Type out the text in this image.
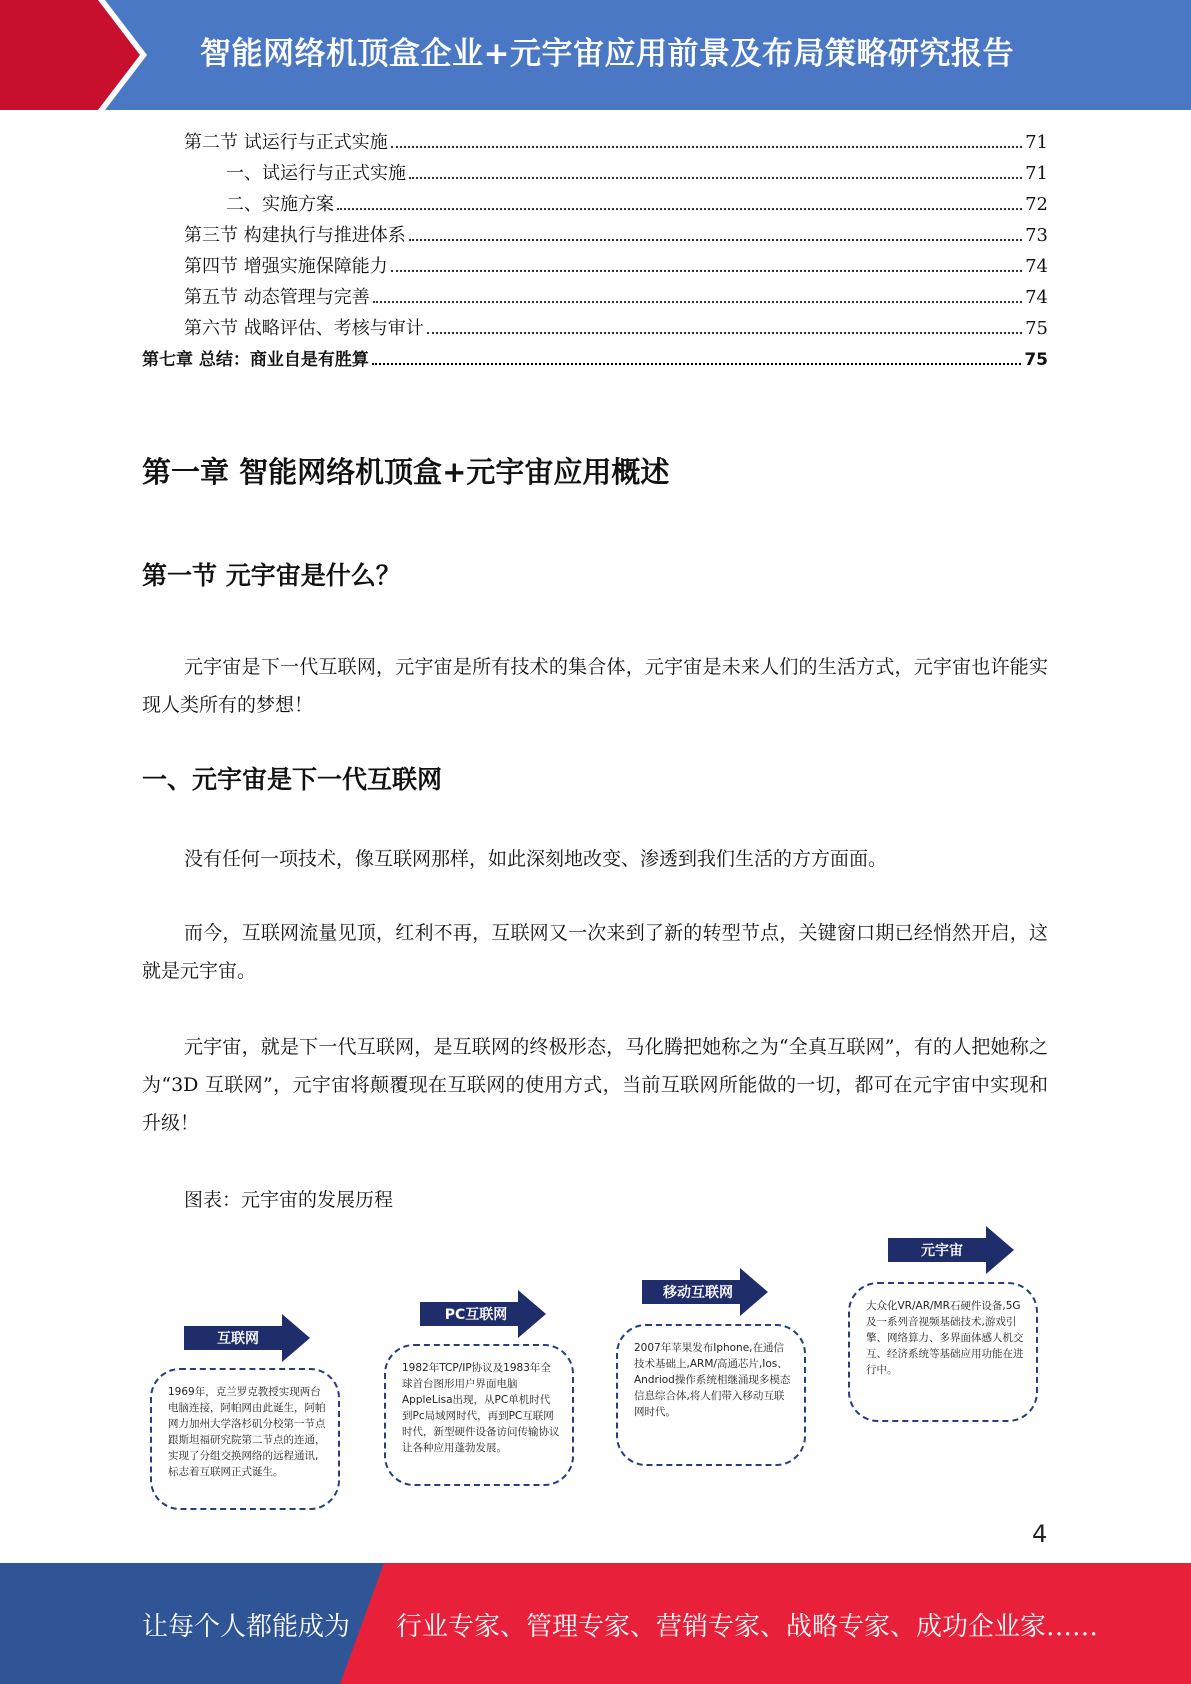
智能网络机顶盒企业+元宇宙应用前景及布局策略研究报告
第二节 试运行与正式实施	71
一、试运行与正式实施	71
二、实施方案	72
第三节 构建执行与推进体系	73
第四节 增强实施保障能力	74
第五节 动态管理与完善	74
第六节 战略评估、考核与审计	75
第七章 总结：商业自是有胜算	75
第一章 智能网络机顶盒+元宇宙应用概述
第一节 元宇宙是什么？

元宇宙是下一代互联网，元宇宙是所有技术的集合体，元宇宙是未来人们的生活方式，元宇宙也许能实现人类所有的梦想！

一、元宇宙是下一代互联网

没有任何一项技术，像互联网那样，如此深刻地改变、渗透到我们生活的方方面面。

而今，互联网流量见顶，红利不再，互联网又一次来到了新的转型节点，关键窗口期已经悄然开启，这就是元宇宙。

元宇宙，就是下一代互联网，是互联网的终极形态，马化腾把她称之为“全真互联网”，有的人把她称之为“3D 互联网”，元宇宙将颠覆现在互联网的使用方式，当前互联网所能做的一切，都可在元宇宙中实现和升级！

图表：元宇宙的发展历程
互联网
1969年，克兰罗克教授实现两台电脑连接，阿帕网由此诞生，阿帕网力加州大学洛杉矶分校第一节点跟斯坦福研究院第二节点的连通，实现了分组交换网络的远程通讯,标志着互联网正式诞生。
PC互联网
1982年TCP/IP协议及1983年全球首台图形用户界面电脑AppleLisa出现，从PC单机时代到Pc局域网时代，再到PC互联网时代，新型硬件设备访问传输协议让各种应用蓬勃发展。
移动互联网
2007年苹果发布Iphone,在通信技术基础上,ARM/高通芯片,Ios、Andriod操作系统相继涌现多模态信息综合体,将人们带入移动互联网时代。
元宇宙
大众化VR/AR/MR石硬件设备,5G及一系列音视频基础技术,游戏引擎、网络算力、多界面体感人机交互、经济系统等基础应用功能在进行中。
4
让每个人都能成为 行业专家、管理专家、营销专家、战略专家、成功企业家……
